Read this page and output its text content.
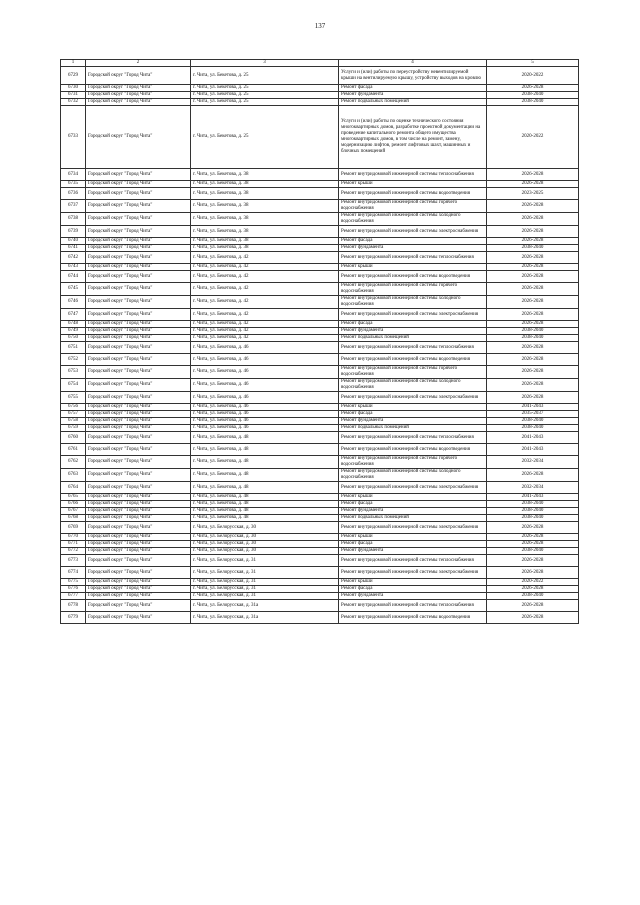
137
1	2	3	4	5
6729	Городской округ "Город Чита"	г. Чита, ул. Бекетова, д. 25	Услуги и (или) работы по переустройству невентилируемой крыши на вентилируемую крышу, устройству выходов на кровлю	2020-2022
6730	Городской округ "Город Чита"	г. Чита, ул. Бекетова, д. 25	Ремонт фасада	2026-2028
6731	Городской округ "Город Чита"	г. Чита, ул. Бекетова, д. 25	Ремонт фундамента	2038-2040
6732	Городской округ "Город Чита"	г. Чита, ул. Бекетова, д. 25	Ремонт подвальных помещений	2038-2040
6733	Городской округ "Город Чита"	г. Чита, ул. Бекетова, д. 25	Услуги и (или) работы по оценке технического состояния многоквартирных домов, разработке проектной документации на проведение капитального ремонта общего имущества многоквартирных домов, в том числе на ремонт, замену, модернизацию лифтов, ремонт лифтовых шахт, машинных и блочных помещений	2020-2022
6734	Городской округ "Город Чита"	г. Чита, ул. Бекетова, д. 38	Ремонт внутридомовой инженерной системы теплоснабжения	2026-2028
6735	Городской округ "Город Чита"	г. Чита, ул. Бекетова, д. 38	Ремонт крыши	2026-2028
6736	Городской округ "Город Чита"	г. Чита, ул. Бекетова, д. 38	Ремонт внутридомовой инженерной системы водоотведения	2023-2025
6737	Городской округ "Город Чита"	г. Чита, ул. Бекетова, д. 38	Ремонт внутридомовой инженерной системы горячего водоснабжения	2026-2028
6738	Городской округ "Город Чита"	г. Чита, ул. Бекетова, д. 38	Ремонт внутридомовой инженерной системы холодного водоснабжения	2026-2028
6739	Городской округ "Город Чита"	г. Чита, ул. Бекетова, д. 38	Ремонт внутридомовой инженерной системы электроснабжения	2026-2028
6740	Городской округ "Город Чита"	г. Чита, ул. Бекетова, д. 38	Ремонт фасада	2026-2028
6741	Городской округ "Город Чита"	г. Чита, ул. Бекетова, д. 38	Ремонт фундамента	2038-2040
6742	Городской округ "Город Чита"	г. Чита, ул. Бекетова, д. 42	Ремонт внутридомовой инженерной системы теплоснабжения	2026-2028
6743	Городской округ "Город Чита"	г. Чита, ул. Бекетова, д. 42	Ремонт крыши	2026-2028
6744	Городской округ "Город Чита"	г. Чита, ул. Бекетова, д. 42	Ремонт внутридомовой инженерной системы водоотведения	2026-2028
6745	Городской округ "Город Чита"	г. Чита, ул. Бекетова, д. 42	Ремонт внутридомовой инженерной системы горячего водоснабжения	2026-2028
6746	Городской округ "Город Чита"	г. Чита, ул. Бекетова, д. 42	Ремонт внутридомовой инженерной системы холодного водоснабжения	2026-2028
6747	Городской округ "Город Чита"	г. Чита, ул. Бекетова, д. 42	Ремонт внутридомовой инженерной системы электроснабжения	2026-2028
6748	Городской округ "Город Чита"	г. Чита, ул. Бекетова, д. 42	Ремонт фасада	2026-2028
6749	Городской округ "Город Чита"	г. Чита, ул. Бекетова, д. 42	Ремонт фундамента	2038-2040
6750	Городской округ "Город Чита"	г. Чита, ул. Бекетова, д. 42	Ремонт подвальных помещений	2038-2040
6751	Городской округ "Город Чита"	г. Чита, ул. Бекетова, д. 46	Ремонт внутридомовой инженерной системы теплоснабжения	2026-2028
6752	Городской округ "Город Чита"	г. Чита, ул. Бекетова, д. 46	Ремонт внутридомовой инженерной системы водоотведения	2026-2028
6753	Городской округ "Город Чита"	г. Чита, ул. Бекетова, д. 46	Ремонт внутридомовой инженерной системы горячего водоснабжения	2026-2028
6754	Городской округ "Город Чита"	г. Чита, ул. Бекетова, д. 46	Ремонт внутридомовой инженерной системы холодного водоснабжения	2026-2028
6755	Городской округ "Город Чита"	г. Чита, ул. Бекетова, д. 46	Ремонт внутридомовой инженерной системы электроснабжения	2026-2028
6756	Городской округ "Город Чита"	г. Чита, ул. Бекетова, д. 46	Ремонт крыши	2041-2043
6757	Городской округ "Город Чита"	г. Чита, ул. Бекетова, д. 46	Ремонт фасада	2035-2037
6758	Городской округ "Город Чита"	г. Чита, ул. Бекетова, д. 46	Ремонт фундамента	2038-2040
6759	Городской округ "Город Чита"	г. Чита, ул. Бекетова, д. 46	Ремонт подвальных помещений	2038-2040
6760	Городской округ "Город Чита"	г. Чита, ул. Бекетова, д. 48	Ремонт внутридомовой инженерной системы теплоснабжения	2041-2043
6761	Городской округ "Город Чита"	г. Чита, ул. Бекетова, д. 48	Ремонт внутридомовой инженерной системы водоотведения	2041-2043
6762	Городской округ "Город Чита"	г. Чита, ул. Бекетова, д. 48	Ремонт внутридомовой инженерной системы горячего водоснабжения	2032-2034
6763	Городской округ "Город Чита"	г. Чита, ул. Бекетова, д. 48	Ремонт внутридомовой инженерной системы холодного водоснабжения	2026-2028
6764	Городской округ "Город Чита"	г. Чита, ул. Бекетова, д. 48	Ремонт внутридомовой инженерной системы электроснабжения	2032-2034
6765	Городской округ "Город Чита"	г. Чита, ул. Бекетова, д. 48	Ремонт крыши	2041-2043
6766	Городской округ "Город Чита"	г. Чита, ул. Бекетова, д. 48	Ремонт фасада	2038-2040
6767	Городской округ "Город Чита"	г. Чита, ул. Бекетова, д. 48	Ремонт фундамента	2038-2040
6768	Городской округ "Город Чита"	г. Чита, ул. Бекетова, д. 48	Ремонт подвальных помещений	2038-2040
6769	Городской округ "Город Чита"	г. Чита, ул. Белорусская, д. 30	Ремонт внутридомовой инженерной системы электроснабжения	2026-2028
6770	Городской округ "Город Чита"	г. Чита, ул. Белорусская, д. 30	Ремонт крыши	2026-2028
6771	Городской округ "Город Чита"	г. Чита, ул. Белорусская, д. 30	Ремонт фасада	2026-2028
6772	Городской округ "Город Чита"	г. Чита, ул. Белорусская, д. 30	Ремонт фундамента	2038-2040
6773	Городской округ "Город Чита"	г. Чита, ул. Белорусская, д. 31	Ремонт внутридомовой инженерной системы теплоснабжения	2026-2028
6774	Городской округ "Город Чита"	г. Чита, ул. Белорусская, д. 31	Ремонт внутридомовой инженерной системы электроснабжения	2026-2028
6775	Городской округ "Город Чита"	г. Чита, ул. Белорусская, д. 31	Ремонт крыши	2020-2022
6776	Городской округ "Город Чита"	г. Чита, ул. Белорусская, д. 31	Ремонт фасада	2026-2028
6777	Городской округ "Город Чита"	г. Чита, ул. Белорусская, д. 31	Ремонт фундамента	2038-2040
6778	Городской округ "Город Чита"	г. Чита, ул. Белорусская, д. 31а	Ремонт внутридомовой инженерной системы теплоснабжения	2026-2028
6779	Городской округ "Город Чита"	г. Чита, ул. Белорусская, д. 31а	Ремонт внутридомовой инженерной системы водоотведения	2026-2028
